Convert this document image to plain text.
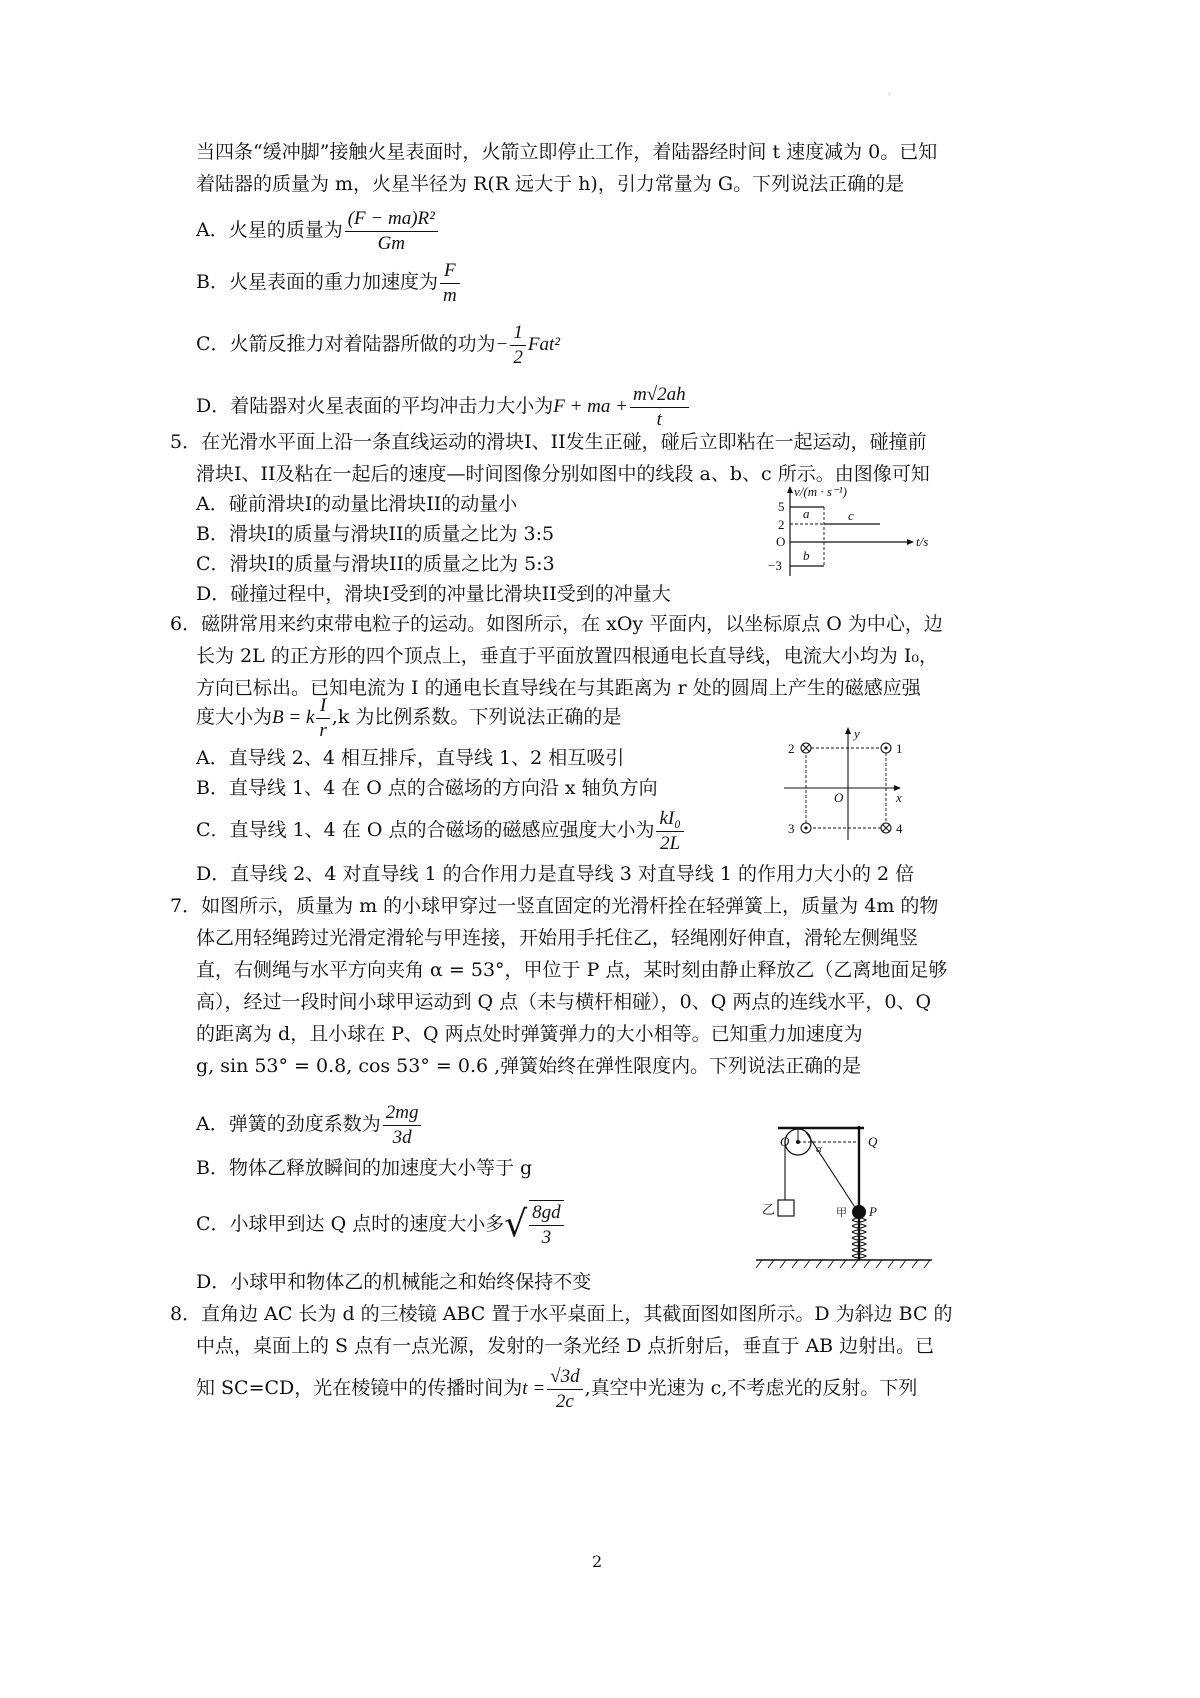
·
当四条“缓冲脚”接触火星表面时，火箭立即停止工作，着陆器经时间 t 速度减为 0。已知
着陆器的质量为 m，火星半径为 R(R 远大于 h)，引力常量为 G。下列说法正确的是
A．火星的质量为 $\frac{\text{(F − ma)R²}}{Gm}$
B．火星表面的重力加速度为 $\frac{F}{m}$
C．火箭反推力对着陆器所做的功为− $\frac{1}{2} Fat^2$
D．着陆器对火星表面的平均冲击力大小为F + ma + $\frac{m√2ah}{t}$
5．在光滑水平面上沿一条直线运动的滑块I、II发生正碰，碰后立即粘在一起运动，碰撞前
滑块I、II及粘在一起后的速度—时间图像分别如图中的线段 a、b、c 所示。由图像可知
A．碰前滑块I的动量比滑块II的动量小
B．滑块I的质量与滑块II的质量之比为 3:5
C．滑块I的质量与滑块II的质量之比为 5:3
D．碰撞过程中，滑块I受到的冲量比滑块II受到的冲量大
v/(m · s⁻¹)
t/s
5
2
O
−3
a
b
c
6．磁阱常用来约束带电粒子的运动。如图所示，在 xOy 平面内，以坐标原点 O 为中心，边
长为 2L 的正方形的四个顶点上，垂直于平面放置四根通电长直导线，电流大小均为 I₀，
方向已标出。已知电流为 I 的通电长直导线在与其距离为 r 处的圆周上产生的磁感应强
度大小为B = k $\frac{I}{r} ,k$ 为比例系数。下列说法正确的是
A．直导线 2、4 相互排斥，直导线 1、2 相互吸引
B．直导线 1、4 在 O 点的合磁场的方向沿 x 轴负方向
C．直导线 1、4 在 O 点的合磁场的磁感应强度大小为 $\frac{\text{kI₀}}{2L}$
D．直导线 2、4 对直导线 1 的合作用力是直导线 3 对直导线 1 的作用力大小的 2 倍
y
x
O
2	1
3	4
7．如图所示，质量为 m 的小球甲穿过一竖直固定的光滑杆拴在轻弹簧上，质量为 4m 的物
体乙用轻绳跨过光滑定滑轮与甲连接，开始用手托住乙，轻绳刚好伸直，滑轮左侧绳竖
直，右侧绳与水平方向夹角 α = 53°，甲位于 P 点，某时刻由静止释放乙（乙离地面足够
高），经过一段时间小球甲运动到 Q 点（未与横杆相碰），0、Q 两点的连线水平，0、Q
的距离为 d，且小球在 P、Q 两点处时弹簧弹力的大小相等。已知重力加速度为
g, sin 53° = 0.8, cos 53° = 0.6 ,弹簧始终在弹性限度内。下列说法正确的是
A．弹簧的劲度系数为 $\frac{2mg}{3d}$
B．物体乙释放瞬间的加速度大小等于 g
C．小球甲到达 Q 点时的速度大小多√ $\frac{8gd}{3}$
D．小球甲和物体乙的机械能之和始终保持不变
O	Q
α
甲 P
乙
8．直角边 AC 长为 d 的三棱镜 ABC 置于水平桌面上，其截面图如图所示。D 为斜边 BC 的
中点，桌面上的 S 点有一点光源，发射的一条光经 D 点折射后，垂直于 AB 边射出。已
知 SC=CD，光在棱镜中的传播时间为$t = \frac{√3d}{2c}$ ,真空中光速为 c,不考虑光的反射。下列
2
